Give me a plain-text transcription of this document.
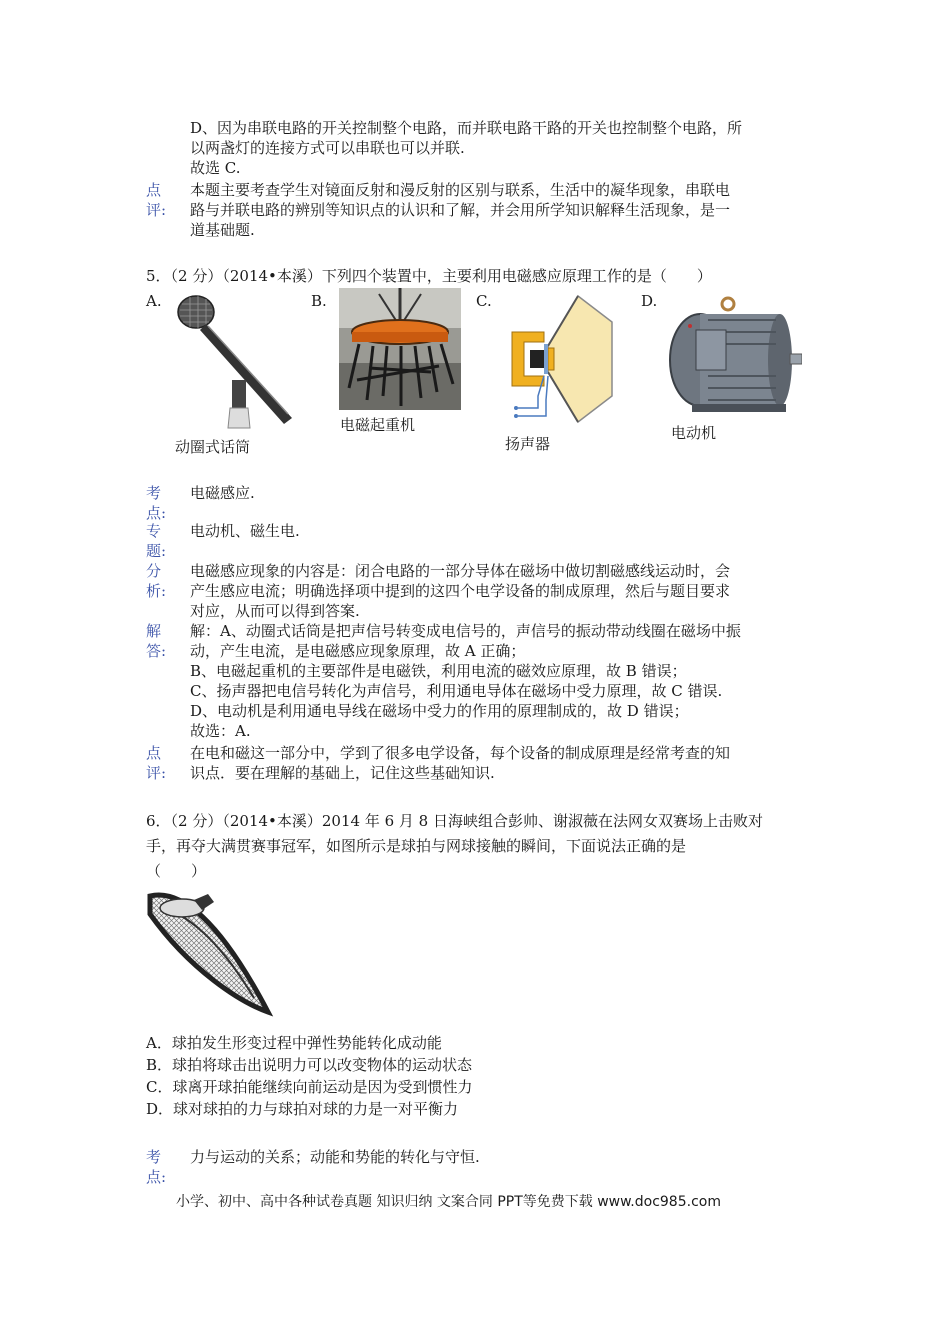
D、因为串联电路的开关控制整个电路，而并联电路干路的开关也控制整个电路，所
以两盏灯的连接方式可以串联也可以并联.
故选 C.
点评:
本题主要考查学生对镜面反射和漫反射的区别与联系，生活中的凝华现象，串联电
路与并联电路的辨别等知识点的认识和了解，并会用所学知识解释生活现象，是一
道基础题.
5．（2 分）（2014•本溪）下列四个装置中，主要利用电磁感应原理工作的是（　　）
A.	B.	C.	D.
动圈式话筒
电磁起重机
扬声器
电动机
考点:
电磁感应.
专题:
电动机、磁生电.
分析:
电磁感应现象的内容是：闭合电路的一部分导体在磁场中做切割磁感线运动时，会
产生感应电流；明确选择项中提到的这四个电学设备的制成原理，然后与题目要求
对应，从而可以得到答案.
解答:
解：A、动圈式话筒是把声信号转变成电信号的，声信号的振动带动线圈在磁场中振
动，产生电流，是电磁感应现象原理，故 A 正确；
B、电磁起重机的主要部件是电磁铁，利用电流的磁效应原理，故 B 错误；
C、扬声器把电信号转化为声信号，利用通电导体在磁场中受力原理，故 C 错误.
D、电动机是利用通电导线在磁场中受力的作用的原理制成的，故 D 错误；
故选：A.
点评:
在电和磁这一部分中，学到了很多电学设备，每个设备的制成原理是经常考查的知
识点．要在理解的基础上，记住这些基础知识.
6．（2 分）（2014•本溪）2014 年 6 月 8 日海峡组合彭帅、谢淑薇在法网女双赛场上击败对
手，再夺大满贯赛事冠军，如图所示是球拍与网球接触的瞬间，下面说法正确的是
（　　）
A．球拍发生形变过程中弹性势能转化成动能
B．球拍将球击出说明力可以改变物体的运动状态
C．球离开球拍能继续向前运动是因为受到惯性力
D．球对球拍的力与球拍对球的力是一对平衡力
考点:
力与运动的关系；动能和势能的转化与守恒.
小学、初中、高中各种试卷真题 知识归纳 文案合同 PPT等免费下载 www.doc985.com
